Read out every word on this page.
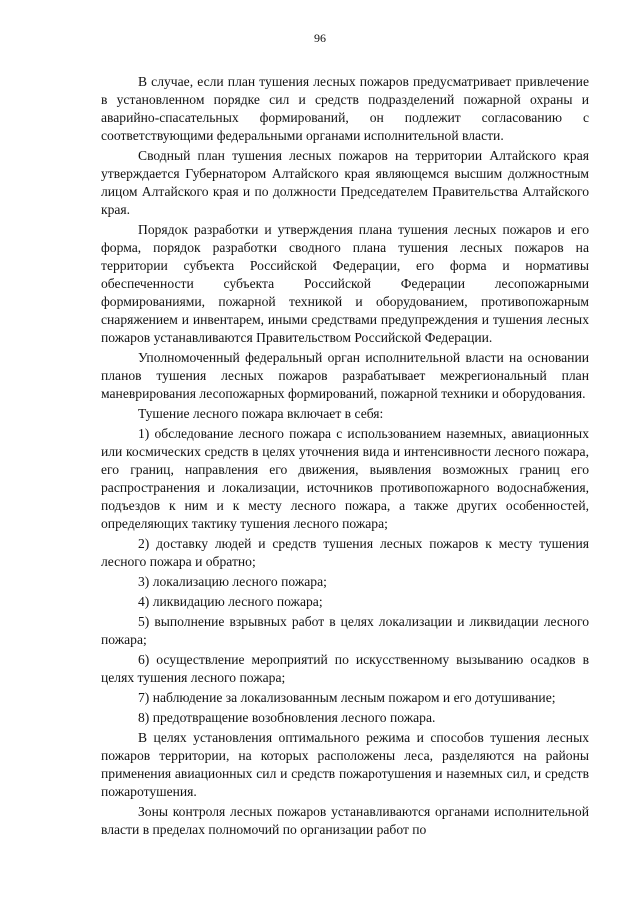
96

В случае, если план тушения лесных пожаров предусматривает привлечение в установленном порядке сил и средств подразделений пожарной охраны и аварийно-спасательных формирований, он подлежит согласованию с соответствующими федеральными органами исполнительной власти.

Сводный план тушения лесных пожаров на территории Алтайского края утверждается Губернатором Алтайского края являющемся высшим должностным лицом Алтайского края и по должности Председателем Правительства Алтайского края.

Порядок разработки и утверждения плана тушения лесных пожаров и его форма, порядок разработки сводного плана тушения лесных пожаров на территории субъекта Российской Федерации, его форма и нормативы обеспеченности субъекта Российской Федерации лесопожарными формированиями, пожарной техникой и оборудованием, противопожарным снаряжением и инвентарем, иными средствами предупреждения и тушения лесных пожаров устанавливаются Правительством Российской Федерации.

Уполномоченный федеральный орган исполнительной власти на основании планов тушения лесных пожаров разрабатывает межрегиональный план маневрирования лесопожарных формирований, пожарной техники и оборудования.

Тушение лесного пожара включает в себя:

1) обследование лесного пожара с использованием наземных, авиационных или космических средств в целях уточнения вида и интенсивности лесного пожара, его границ, направления его движения, выявления возможных границ его распространения и локализации, источников противопожарного водоснабжения, подъездов к ним и к месту лесного пожара, а также других особенностей, определяющих тактику тушения лесного пожара;

2) доставку людей и средств тушения лесных пожаров к месту тушения лесного пожара и обратно;

3) локализацию лесного пожара;

4) ликвидацию лесного пожара;

5) выполнение взрывных работ в целях локализации и ликвидации лесного пожара;

6) осуществление мероприятий по искусственному вызыванию осадков в целях тушения лесного пожара;

7) наблюдение за локализованным лесным пожаром и его дотушивание;

8) предотвращение возобновления лесного пожара.

В целях установления оптимального режима и способов тушения лесных пожаров территории, на которых расположены леса, разделяются на районы применения авиационных сил и средств пожаротушения и наземных сил, и средств пожаротушения.

Зоны контроля лесных пожаров устанавливаются органами исполнительной власти в пределах полномочий по организации работ по
